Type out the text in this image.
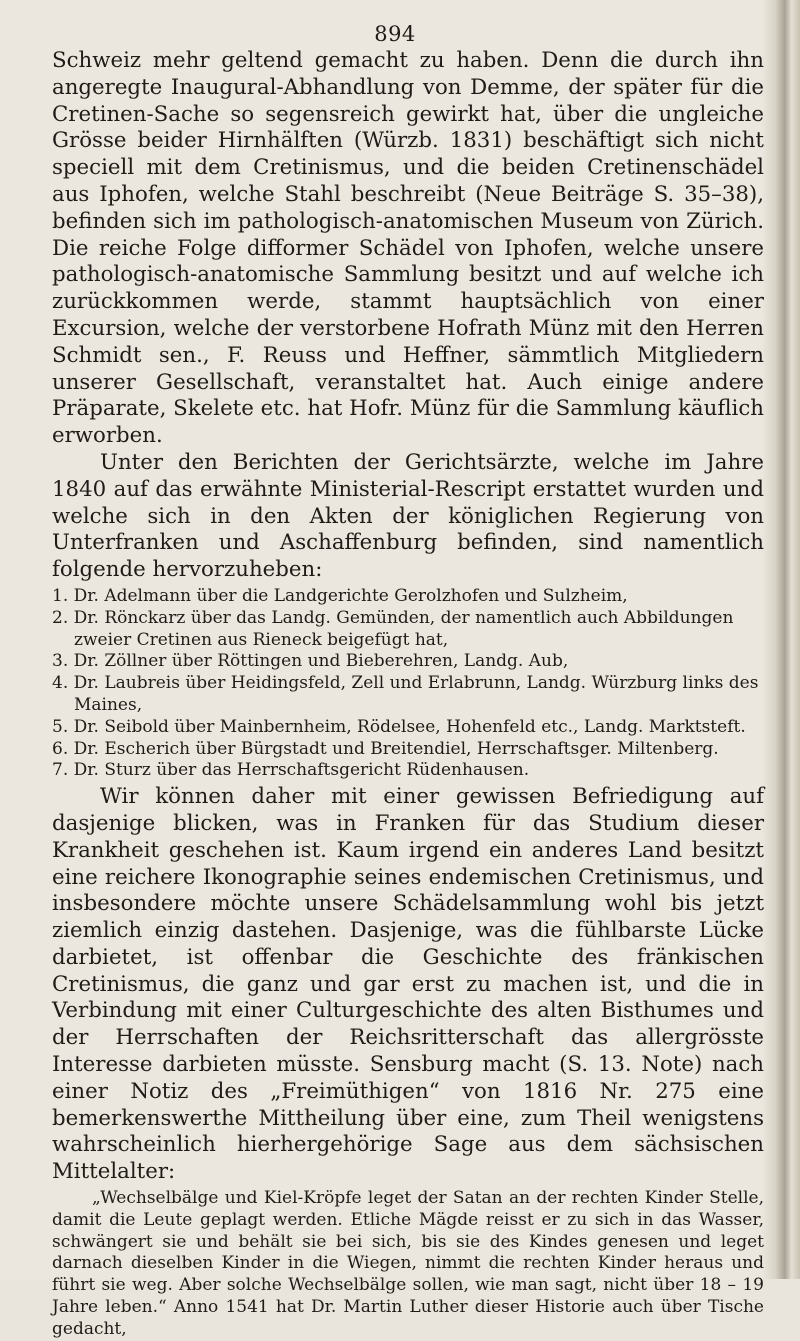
894

Schweiz mehr geltend gemacht zu haben. Denn die durch ihn angeregte Inaugural-Abhandlung von Demme, der später für die Cretinen-Sache so segensreich gewirkt hat, über die ungleiche Grösse beider Hirnhälften (Würzb. 1831) beschäftigt sich nicht speciell mit dem Cretinismus, und die beiden Cretinenschädel aus Iphofen, welche Stahl beschreibt (Neue Beiträge S. 35–38), befinden sich im pathologisch-anatomischen Museum von Zürich. Die reiche Folge difformer Schädel von Iphofen, welche unsere pathologisch-anatomische Sammlung besitzt und auf welche ich zurückkommen werde, stammt hauptsächlich von einer Excursion, welche der verstorbene Hofrath Münz mit den Herren Schmidt sen., F. Reuss und Heffner, sämmtlich Mitgliedern unserer Gesellschaft, veranstaltet hat. Auch einige andere Präparate, Skelete etc. hat Hofr. Münz für die Sammlung käuflich erworben.

Unter den Berichten der Gerichtsärzte, welche im Jahre 1840 auf das erwähnte Ministerial-Rescript erstattet wurden und welche sich in den Akten der königlichen Regierung von Unterfranken und Aschaffenburg befinden, sind namentlich folgende hervorzuheben:

1. Dr. Adelmann über die Landgerichte Gerolzhofen und Sulzheim,
2. Dr. Rönckarz über das Landg. Gemünden, der namentlich auch Abbildungen zweier Cretinen aus Rieneck beigefügt hat,
3. Dr. Zöllner über Röttingen und Bieberehren, Landg. Aub,
4. Dr. Laubreis über Heidingsfeld, Zell und Erlabrunn, Landg. Würzburg links des Maines,
5. Dr. Seibold über Mainbernheim, Rödelsee, Hohenfeld etc., Landg. Marktsteft.
6. Dr. Escherich über Bürgstadt und Breitendiel, Herrschaftsger. Miltenberg.
7. Dr. Sturz über das Herrschaftsgericht Rüdenhausen.

Wir können daher mit einer gewissen Befriedigung auf dasjenige blicken, was in Franken für das Studium dieser Krankheit geschehen ist. Kaum irgend ein anderes Land besitzt eine reichere Ikonographie seines endemischen Cretinismus, und insbesondere möchte unsere Schädelsammlung wohl bis jetzt ziemlich einzig dastehen. Dasjenige, was die fühlbarste Lücke darbietet, ist offenbar die Geschichte des fränkischen Cretinismus, die ganz und gar erst zu machen ist, und die in Verbindung mit einer Culturgeschichte des alten Bisthumes und der Herrschaften der Reichsritterschaft das allergrösste Interesse darbieten müsste. Sensburg macht (S. 13. Note) nach einer Notiz des „Freimüthigen“ von 1816 Nr. 275 eine bemerkenswerthe Mittheilung über eine, zum Theil wenigstens wahrscheinlich hierhergehörige Sage aus dem sächsischen Mittelalter:

„Wechselbälge und Kiel-Kröpfe leget der Satan an der rechten Kinder Stelle, damit die Leute geplagt werden. Etliche Mägde reisst er zu sich in das Wasser, schwängert sie und behält sie bei sich, bis sie des Kindes genesen und leget darnach dieselben Kinder in die Wiegen, nimmt die rechten Kinder heraus und führt sie weg. Aber solche Wechselbälge sollen, wie man sagt, nicht über 18 – 19 Jahre leben.“ Anno 1541 hat Dr. Martin Luther dieser Historie auch über Tische gedacht,
